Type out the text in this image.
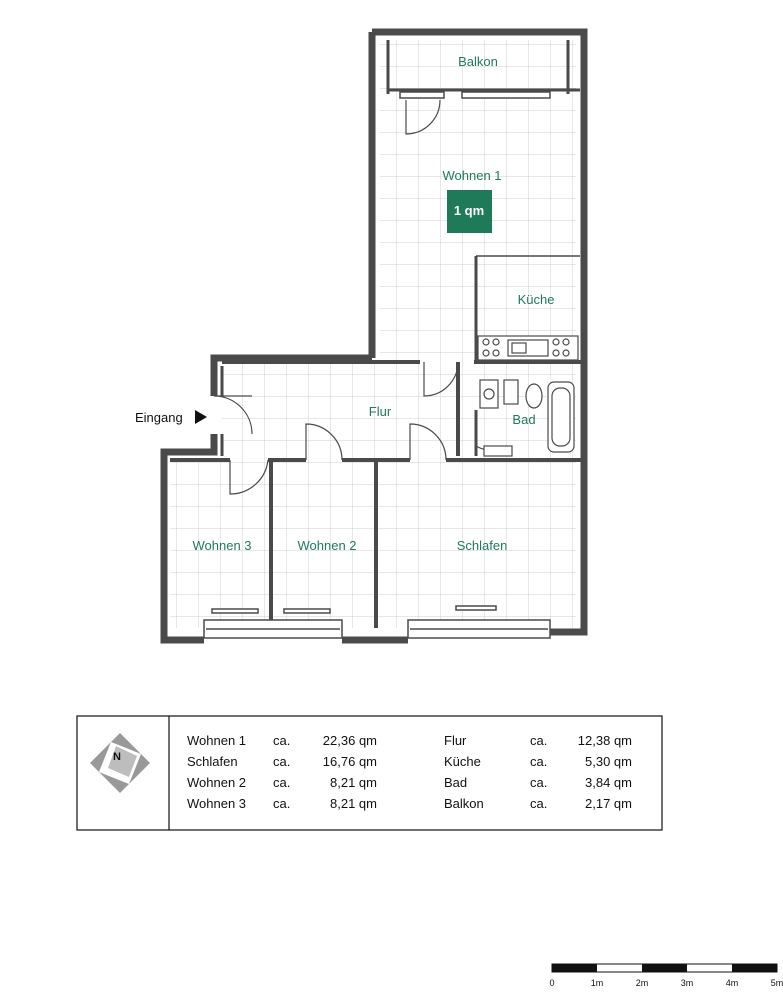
Balkon
Wohnen 1
1 qm
Küche
Bad
Flur
Wohnen 3	Wohnen 2	Schlafen
Eingang
N
Wohnen 1 ca. 22,36 qm
Schlafen	ca. 16,76 qm
Wohnen 2 ca.	8,21 qm
Wohnen 3 ca.	8,21 qm
Flur	ca. 12,38 qm
Küche	ca.	5,30 qm
Bad	ca.	3,84 qm
Balkon	ca.	2,17 qm
0	1m	2m	3m	4m	5m
